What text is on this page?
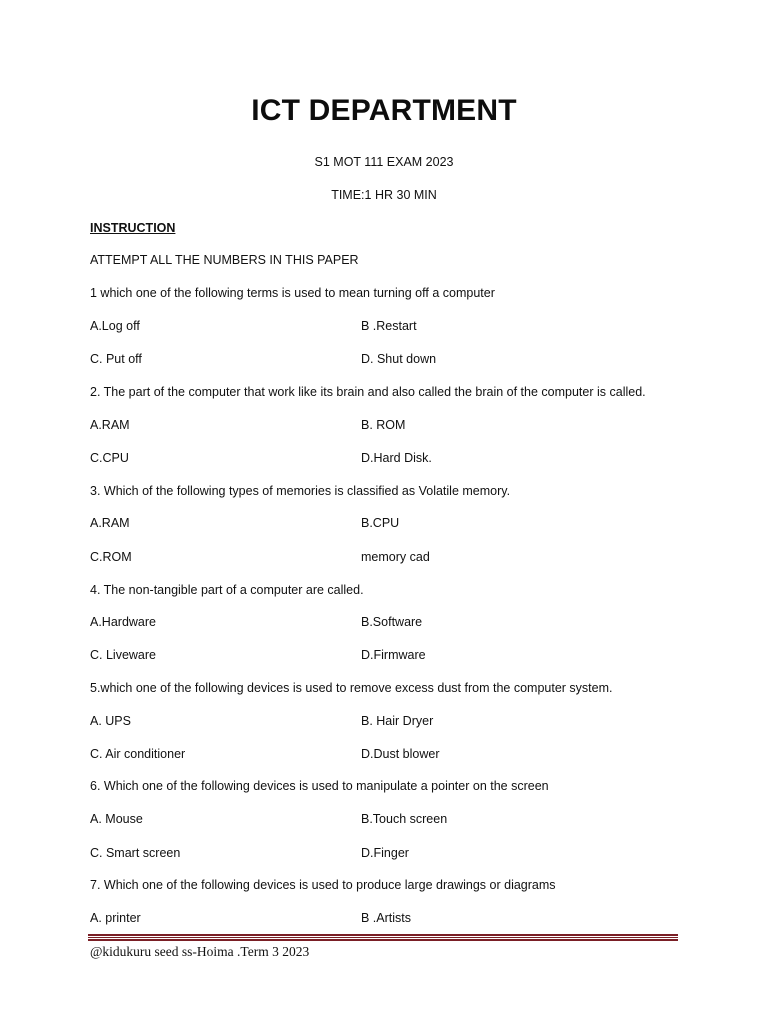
ICT DEPARTMENT
S1 MOT 111 EXAM 2023
TIME:1 HR 30 MIN
INSTRUCTION
ATTEMPT ALL THE NUMBERS IN THIS PAPER
1 which one of the following terms is used to mean turning off a computer
A.Log off	B .Restart
C. Put off	D. Shut down
2. The part of the computer that work like its brain and also called the brain of the computer is called.
A.RAM	B. ROM
C.CPU	D.Hard Disk.
3. Which of the following types of memories is classified as Volatile memory.
A.RAM	B.CPU
C.ROM	memory cad
4. The non-tangible part of a computer are called.
A.Hardware	B.Software
C. Liveware	D.Firmware
5.which one of the following devices is used to remove excess dust from the computer system.
A. UPS	B. Hair Dryer
C. Air conditioner	D.Dust blower
6. Which one of the following devices is used to manipulate a pointer on the screen
A. Mouse	B.Touch screen
C. Smart screen	D.Finger
7. Which one of the following devices is used to produce large drawings or diagrams
A. printer	B .Artists
@kidukuru seed ss-Hoima .Term 3 2023
